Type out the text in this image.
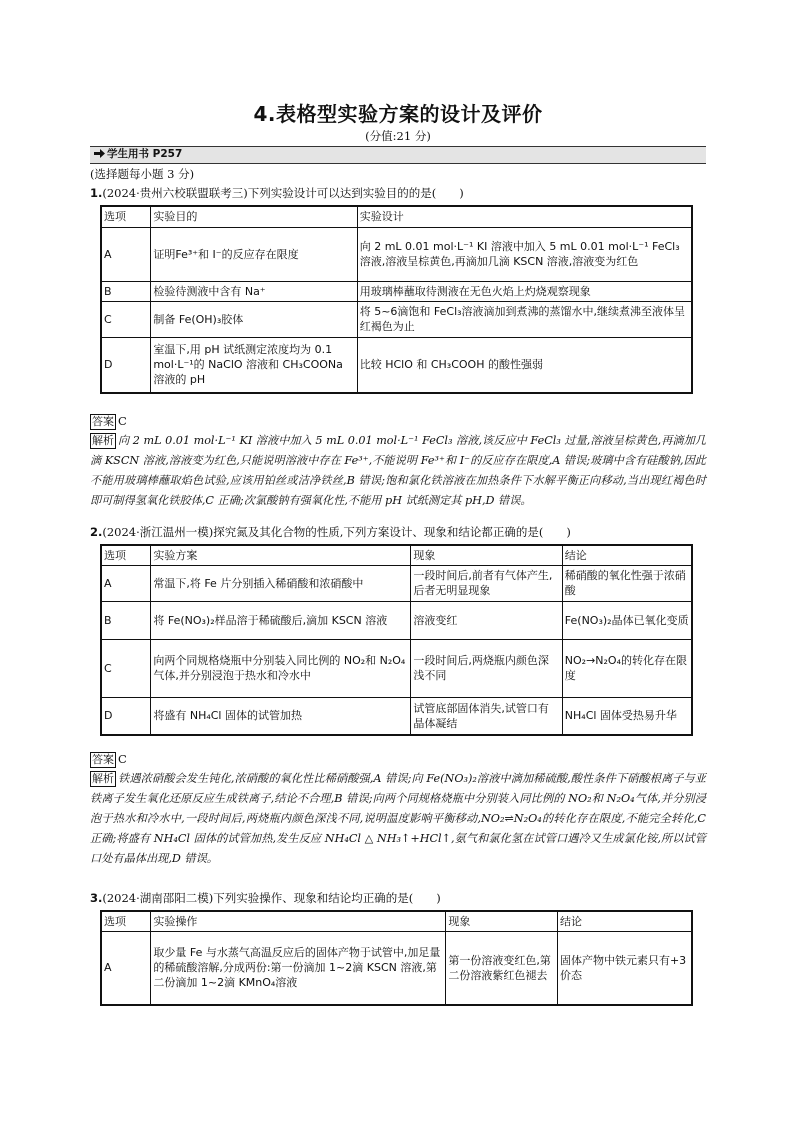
4.表格型实验方案的设计及评价
(分值:21 分)
学生用书 P257
(选择题每小题 3 分)
1.(2024·贵州六校联盟联考三)下列实验设计可以达到实验目的的是(　　)
选项	实验目的	实验设计
A	证明Fe³⁺和 I⁻的反应存在限度	向 2 mL 0.01 mol·L⁻¹ KI 溶液中加入 5 mL 0.01 mol·L⁻¹ FeCl₃ 溶液,溶液呈棕黄色,再滴加几滴 KSCN 溶液,溶液变为红色
B	检验待测液中含有 Na⁺	用玻璃棒蘸取待测液在无色火焰上灼烧观察现象
C	制备 Fe(OH)₃胶体	将 5~6滴饱和 FeCl₃溶液滴加到煮沸的蒸馏水中,继续煮沸至液体呈红褐色为止
D	室温下,用 pH 试纸测定浓度均为 0.1 mol·L⁻¹的 NaClO 溶液和 CH₃COONa 溶液的 pH	比较 HClO 和 CH₃COOH 的酸性强弱
答案 C
解析 向 2 mL 0.01 mol·L⁻¹ KI 溶液中加入 5 mL 0.01 mol·L⁻¹ FeCl₃ 溶液,该反应中 FeCl₃ 过量,溶液呈棕黄色,再滴加几滴 KSCN 溶液,溶液变为红色,只能说明溶液中存在 Fe³⁺,不能说明 Fe³⁺和 I⁻的反应存在限度,A 错误;玻璃中含有硅酸钠,因此不能用玻璃棒蘸取焰色试验,应该用铂丝或洁净铁丝,B 错误;饱和氯化铁溶液在加热条件下水解平衡正向移动,当出现红褐色时即可制得氢氧化铁胶体,C 正确;次氯酸钠有强氧化性,不能用 pH 试纸测定其 pH,D 错误。
2.(2024·浙江温州一模)探究氮及其化合物的性质,下列方案设计、现象和结论都正确的是(　　)
选项	实验方案	现象	结论
A	常温下,将 Fe 片分别插入稀硝酸和浓硝酸中	一段时间后,前者有气体产生,后者无明显现象	稀硝酸的氧化性强于浓硝酸
B	将 Fe(NO₃)₂样品溶于稀硫酸后,滴加 KSCN 溶液	溶液变红	Fe(NO₃)₂晶体已氧化变质
C	向两个同规格烧瓶中分别装入同比例的 NO₂和 N₂O₄气体,并分别浸泡于热水和冷水中	一段时间后,两烧瓶内颜色深浅不同	NO₂→N₂O₄的转化存在限度
D	将盛有 NH₄Cl 固体的试管加热	试管底部固体消失,试管口有晶体凝结	NH₄Cl 固体受热易升华
答案 C
解析 铁遇浓硝酸会发生钝化,浓硝酸的氧化性比稀硝酸强,A 错误;向 Fe(NO₃)₂溶液中滴加稀硫酸,酸性条件下硝酸根离子与亚铁离子发生氧化还原反应生成铁离子,结论不合理,B 错误;向两个同规格烧瓶中分别装入同比例的 NO₂和 N₂O₄气体,并分别浸泡于热水和冷水中,一段时间后,两烧瓶内颜色深浅不同,说明温度影响平衡移动,NO₂⇌N₂O₄的转化存在限度,不能完全转化,C 正确;将盛有 NH₄Cl 固体的试管加热,发生反应 NH₄Cl △ NH₃↑+HCl↑,氨气和氯化氢在试管口遇冷又生成氯化铵,所以试管口处有晶体出现,D 错误。
3.(2024·湖南邵阳二模)下列实验操作、现象和结论均正确的是(　　)
选项	实验操作	现象	结论
A	取少量 Fe 与水蒸气高温反应后的固体产物于试管中,加足量的稀硫酸溶解,分成两份:第一份滴加 1~2滴 KSCN 溶液,第二份滴加 1~2滴 KMnO₄溶液	第一份溶液变红色,第二份溶液紫红色褪去	固体产物中铁元素只有+3 价态
